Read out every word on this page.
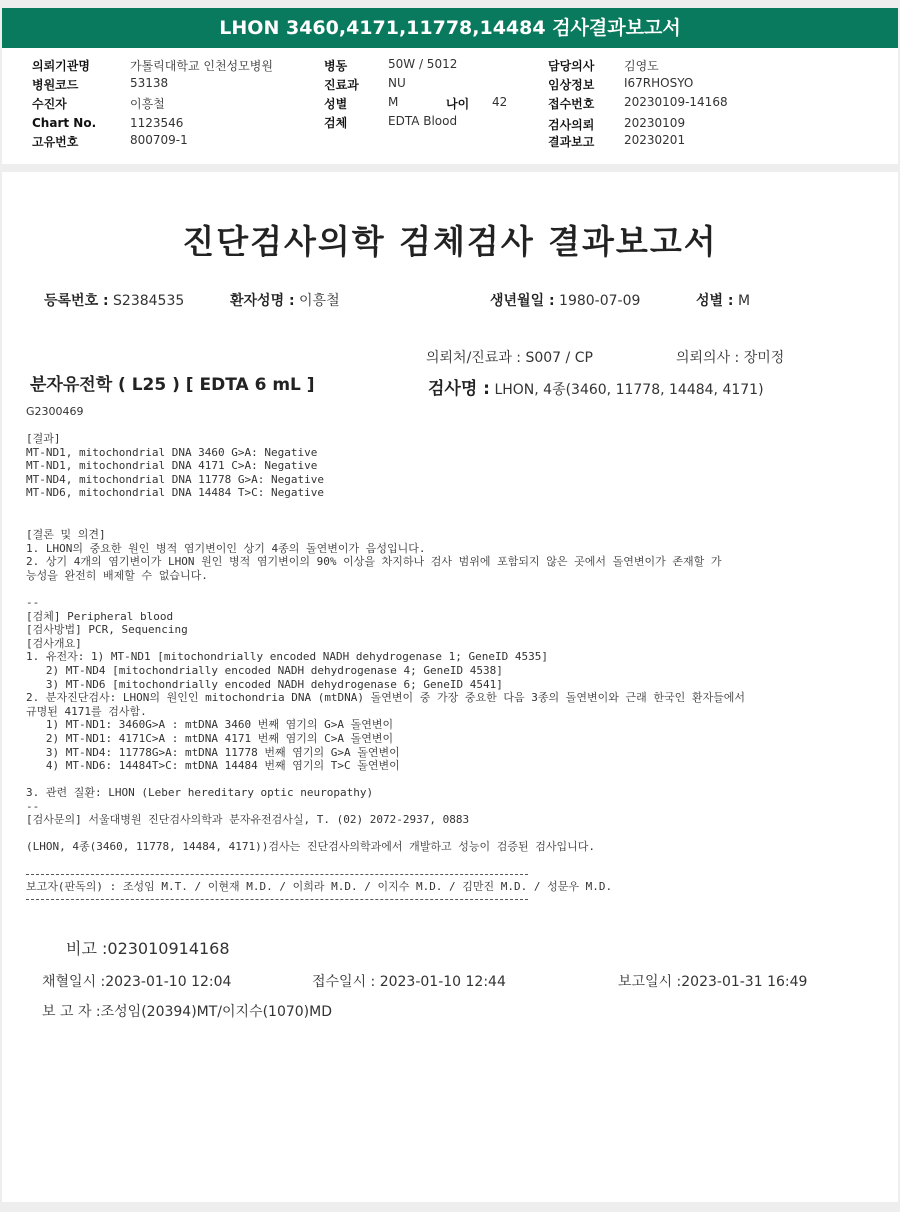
LHON 3460,4171,11778,14484 검사결과보고서
의뢰기관명	가톨릭대학교 인천성모병원
병원코드	53138
수진자	이흥철
Chart No.	1123546
고유번호	800709-1
병동	50W / 5012
진료과 NU
성별	M	나이 42
검체	EDTA Blood
담당의사 김영도
임상정보 I67RHOSYO
접수번호 20230109-14168
검사의뢰 20230109
결과보고 20230201
진단검사의학 검체검사 결과보고서
등록번호 : S2384535	환자성명 : 이흥철	생년월일 : 1980-07-09	성별 : M
의뢰처/진료과 : S007 / CP	의뢰의사 : 장미정
분자유전학 ( L25 ) [ EDTA 6 mL ]	검사명 : LHON, 4종(3460, 11778, 14484, 4171)
G2300469
[결과]
MT-ND1, mitochondrial DNA 3460 G>A: Negative
MT-ND1, mitochondrial DNA 4171 C>A: Negative
MT-ND4, mitochondrial DNA 11778 G>A: Negative
MT-ND6, mitochondrial DNA 14484 T>C: Negative
[결론 및 의견]
1. LHON의 중요한 원인 병적 염기변이인 상기 4종의 돌연변이가 음성입니다.
2. 상기 4개의 염기변이가 LHON 원인 병적 염기변이의 90% 이상을 차지하나 검사 범위에 포함되지 않은 곳에서 돌연변이가 존재할 가
능성을 완전히 배제할 수 없습니다.
--
[검체] Peripheral blood
[검사방법] PCR, Sequencing
[검사개요]
1. 유전자: 1) MT-ND1 [mitochondrially encoded NADH dehydrogenase 1; GeneID 4535]
2) MT-ND4 [mitochondrially encoded NADH dehydrogenase 4; GeneID 4538]
3) MT-ND6 [mitochondrially encoded NADH dehydrogenase 6; GeneID 4541]
2. 분자진단검사: LHON의 원인인 mitochondria DNA (mtDNA) 돌연변이 중 가장 중요한 다음 3종의 돌연변이와 근래 한국인 환자들에서
규명된 4171를 검사함.
1) MT-ND1: 3460G>A : mtDNA 3460 번째 염기의 G>A 돌연변이
2) MT-ND1: 4171C>A : mtDNA 4171 번째 염기의 C>A 돌연변이
3) MT-ND4: 11778G>A: mtDNA 11778 번째 염기의 G>A 돌연변이
4) MT-ND6: 14484T>C: mtDNA 14484 번째 염기의 T>C 돌연변이
3. 관련 질환: LHON (Leber hereditary optic neuropathy)
--
[검사문의] 서울대병원 진단검사의학과 분자유전검사실, T. (02) 2072-2937, 0883
(LHON, 4종(3460, 11778, 14484, 4171))검사는 진단검사의학과에서 개발하고 성능이 검증된 검사입니다.
보고자(판독의) : 조성임 M.T. / 이현재 M.D. / 이희라 M.D. / 이지수 M.D. / 김만진 M.D. / 성문우 M.D.
비고 :023010914168
채혈일시 :2023-01-10 12:04	접수일시 : 2023-01-10 12:44	보고일시 :2023-01-31 16:49
보 고 자 :조성임(20394)MT/이지수(1070)MD
